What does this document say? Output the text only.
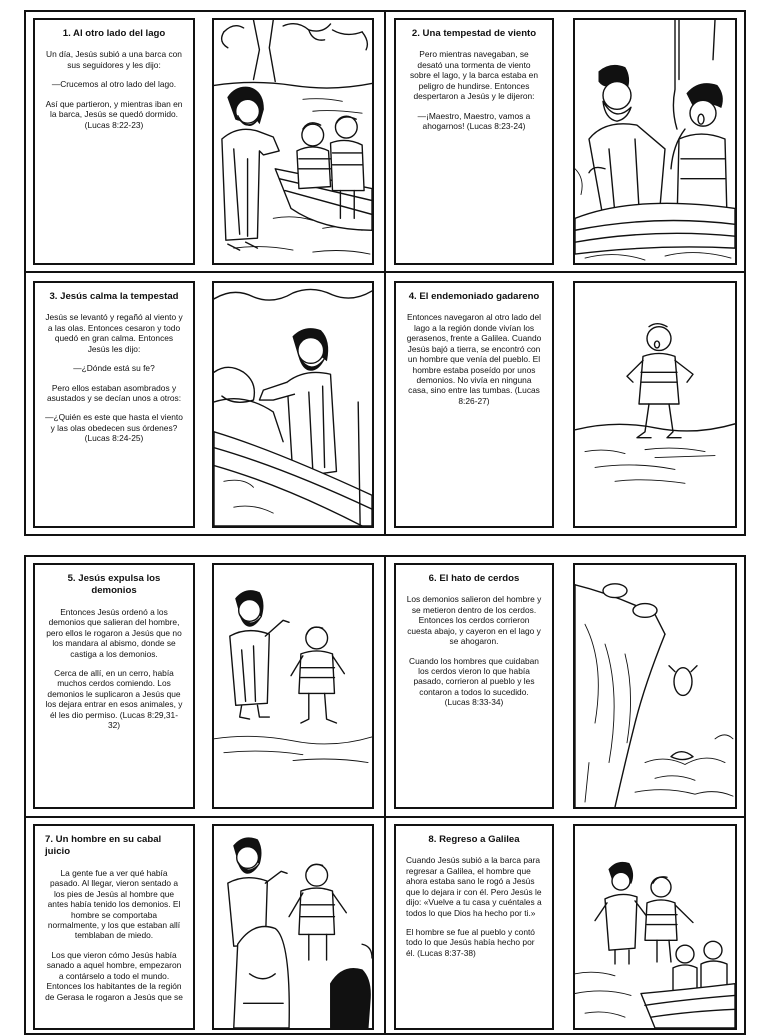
1. Al otro lado del lago
Un día, Jesús subió a una barca con sus seguidores y les dijo:
—Crucemos al otro lado del lago.
Así que partieron, y mientras iban en la barca, Jesús se quedó dormido. (Lucas 8:22-23)
2. Una tempestad de viento
Pero mientras navegaban, se desató una tormenta de viento sobre el lago, y la barca estaba en peligro de hundirse. Entonces despertaron a Jesús y le dijeron:
—¡Maestro, Maestro, vamos a ahogarnos! (Lucas 8:23-24)
3. Jesús calma la tempestad
Jesús se levantó y regañó al viento y a las olas. Entonces cesaron y todo quedó en gran calma. Entonces Jesús les dijo:
—¿Dónde está su fe?
Pero ellos estaban asombrados y asustados y se decían unos a otros:
—¿Quién es este que hasta el viento y las olas obedecen sus órdenes? (Lucas 8:24-25)
4. El endemoniado gadareno
Entonces navegaron al otro lado del lago a la región donde vivían los gerasenos, frente a Galilea. Cuando Jesús bajó a tierra, se encontró con un hombre que venía del pueblo. El hombre estaba poseído por unos demonios. No vivía en ninguna casa, sino entre las tumbas. (Lucas 8:26-27)
5. Jesús expulsa los demonios
Entonces Jesús ordenó a los demonios que salieran del hombre, pero ellos le rogaron a Jesús que no los mandara al abismo, donde se castiga a los demonios.
Cerca de allí, en un cerro, había muchos cerdos comiendo. Los demonios le suplicaron a Jesús que los dejara entrar en esos animales, y él les dio permiso. (Lucas 8:29,31-32)
6. El hato de cerdos
Los demonios salieron del hombre y se metieron dentro de los cerdos. Entonces los cerdos corrieron cuesta abajo, y cayeron en el lago y se ahogaron.
Cuando los hombres que cuidaban los cerdos vieron lo que había pasado, corrieron al pueblo y les contaron a todos lo sucedido. (Lucas 8:33-34)
7. Un hombre en su cabal juicio
La gente fue a ver qué había pasado. Al llegar, vieron sentado a los pies de Jesús al hombre que antes había tenido los demonios. El hombre se comportaba normalmente, y los que estaban allí temblaban de miedo.
Los que vieron cómo Jesús había sanado a aquel hombre, empezaron a contárselo a todo el mundo. Entonces los habitantes de la región de Gerasa le rogaron a Jesús que se
8. Regreso a Galilea
Cuando Jesús subió a la barca para regresar a Galilea, el hombre que ahora estaba sano le rogó a Jesús que lo dejara ir con él. Pero Jesús le dijo: «Vuelve a tu casa y cuéntales a todos lo que Dios ha hecho por ti.»
El hombre se fue al pueblo y contó todo lo que Jesús había hecho por él. (Lucas 8:37-38)
